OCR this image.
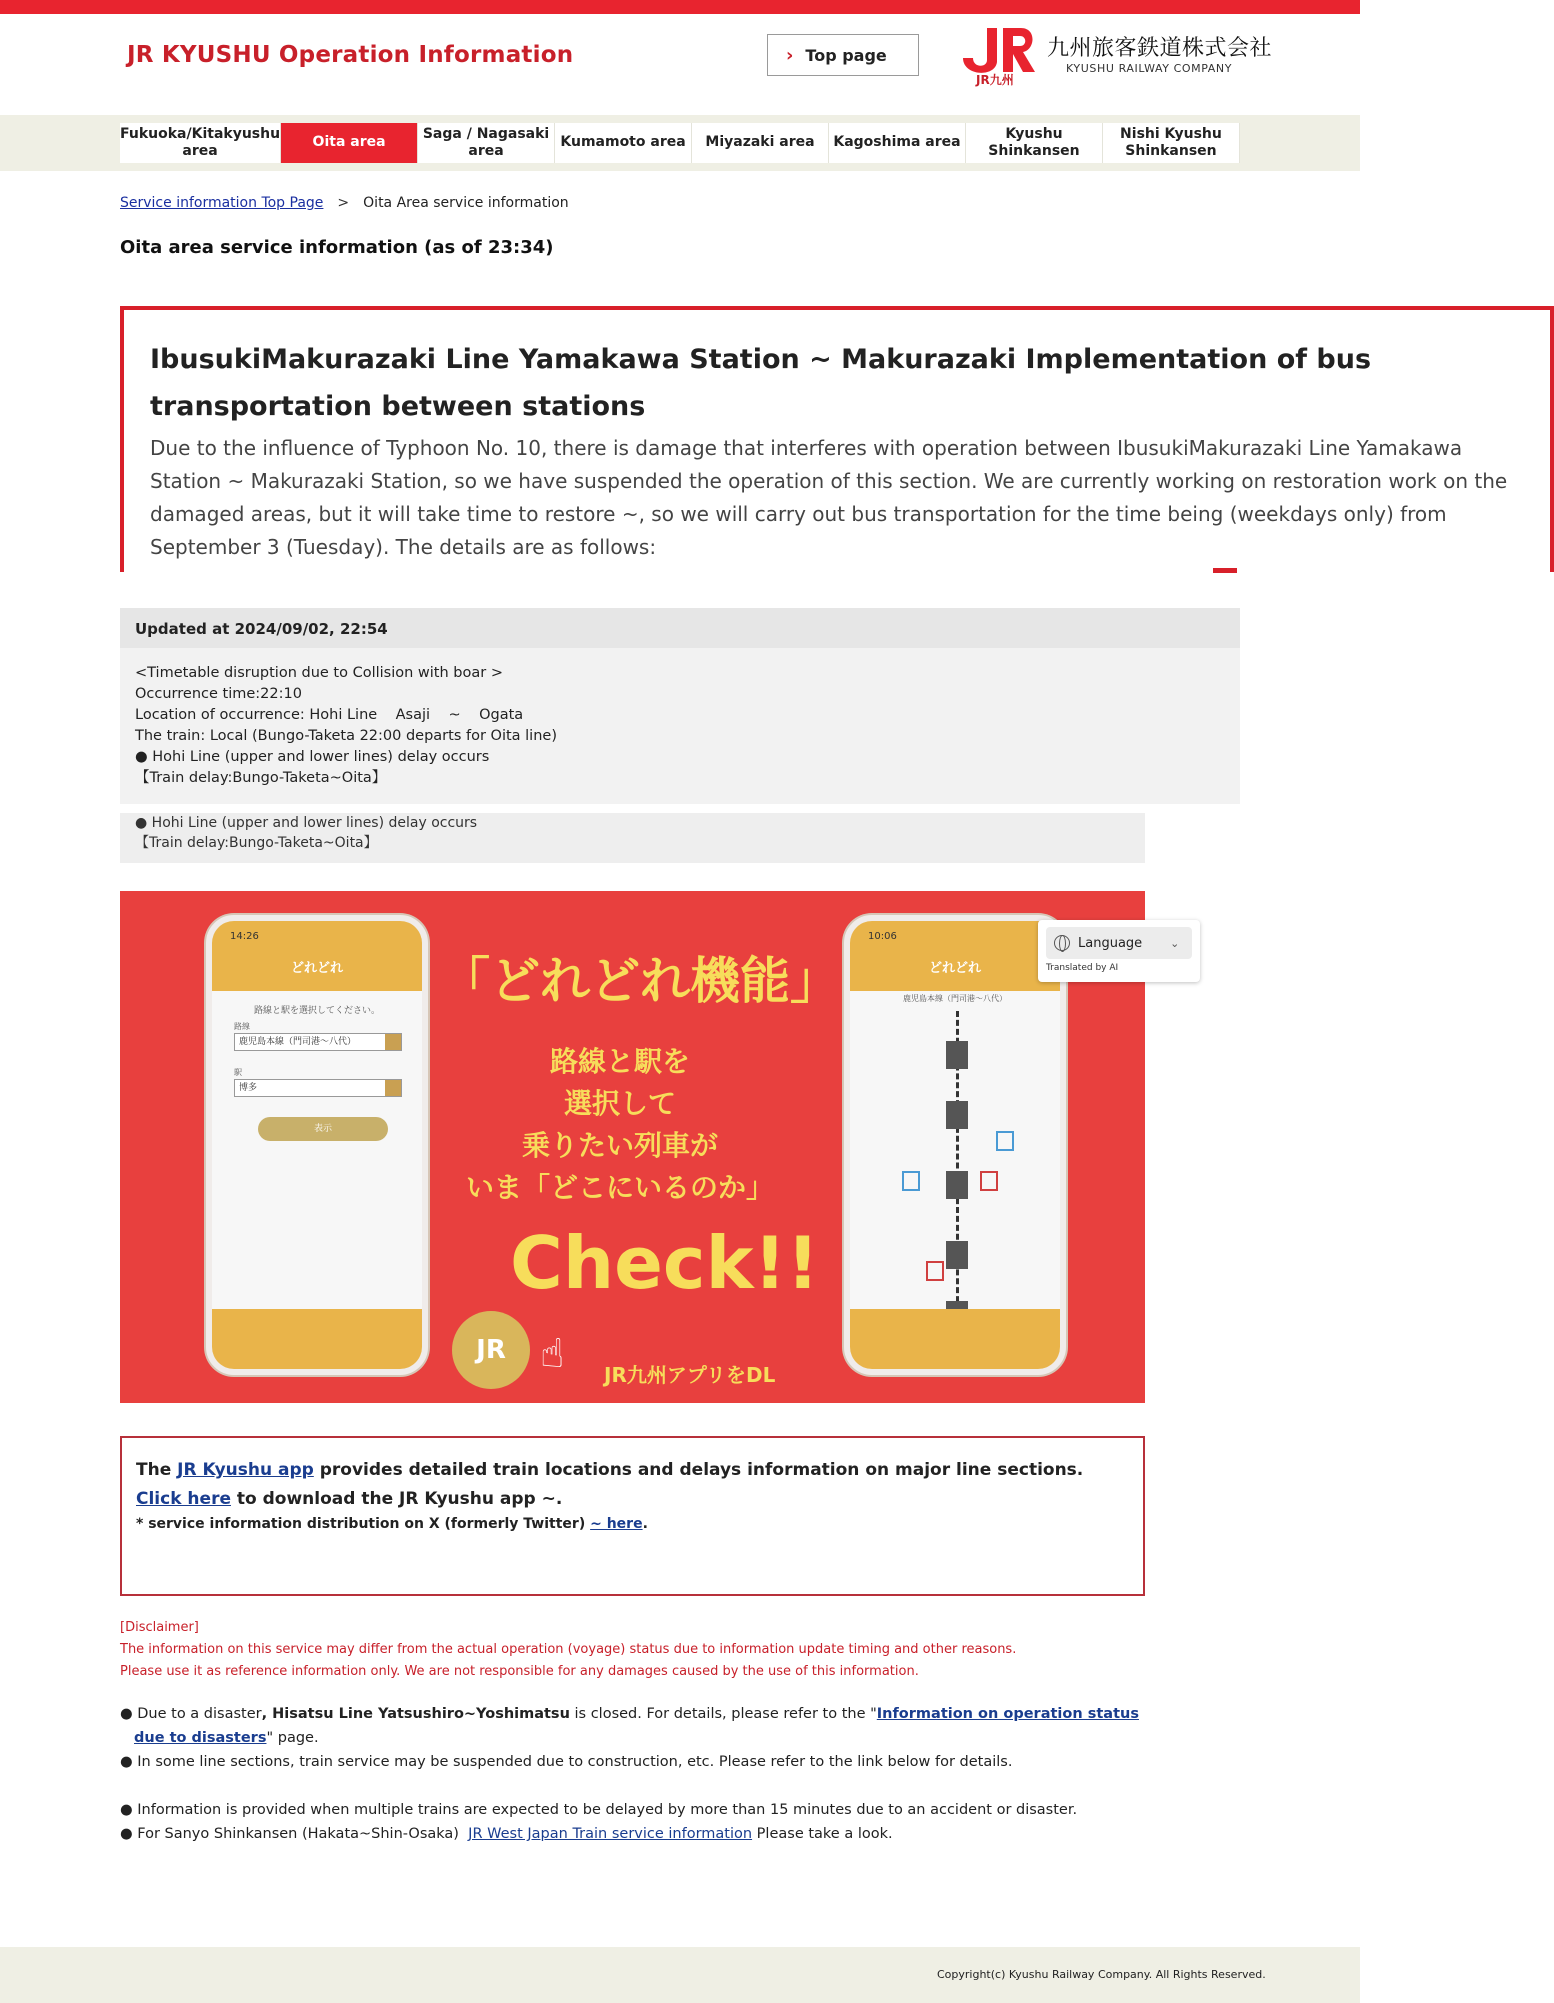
JR KYUSHU Operation Information	› Top page
JR九州
九州旅客鉄道株式会社
KYUSHU RAILWAY COMPANY
Fukuoka/Kitakyushu area
Oita area
Saga / Nagasaki area
Kumamoto area	Miyazaki area	Kagoshima area
Kyushu Shinkansen
Nishi Kyushu Shinkansen
Service information Top Page > Oita Area service information
Oita area service information (as of 23:34)
IbusukiMakurazaki Line Yamakawa Station ~ Makurazaki Implementation of bus transportation between stations
Due to the influence of Typhoon No. 10, there is damage that interferes with operation between IbusukiMakurazaki Line Yamakawa Station ~ Makurazaki Station, so we have suspended the operation of this section. We are currently working on restoration work on the damaged areas, but it will take time to restore ~, so we will carry out bus transportation for the time being (weekdays only) from September 3 (Tuesday). The details are as follows:
Updated at 2024/09/02, 22:54
<Timetable disruption due to Collision with boar >
Occurrence time:22:10
Location of occurrence: Hohi Line    Asaji    ~    Ogata
The train: Local (Bungo-Taketa 22:00 departs for Oita line)
● Hohi Line (upper and lower lines) delay occurs
【Train delay:Bungo-Taketa~Oita】
● Hohi Line (upper and lower lines) delay occurs
【Train delay:Bungo-Taketa~Oita】
14:26
どれどれ
路線と駅を選択してください。
路線
鹿児島本線（門司港〜八代）
駅
博多
表示
10:06
どれどれ
鹿児島本線（門司港〜八代）
「どれどれ機能」
路線と駅を
選択して
乗りたい列車が
いま「どこにいるのか」
Check!!
JR ☝ JR九州アプリをDL
Language	⌄
Translated by AI
The JR Kyushu app provides detailed train locations and delays information on major line sections. Click here to download the JR Kyushu app ~.
* service information distribution on X (formerly Twitter) ~ here.
[Disclaimer]
The information on this service may differ from the actual operation (voyage) status due to information update timing and other reasons.
Please use it as reference information only. We are not responsible for any damages caused by the use of this information.
● Due to a disaster, Hisatsu Line Yatsushiro~Yoshimatsu is closed. For details, please refer to the "Information on operation status due to disasters" page.
● In some line sections, train service may be suspended due to construction, etc. Please refer to the link below for details.
● Information is provided when multiple trains are expected to be delayed by more than 15 minutes due to an accident or disaster.
● For Sanyo Shinkansen (Hakata~Shin-Osaka)  JR West Japan Train service information Please take a look.
Copyright(c) Kyushu Railway Company. All Rights Reserved.
